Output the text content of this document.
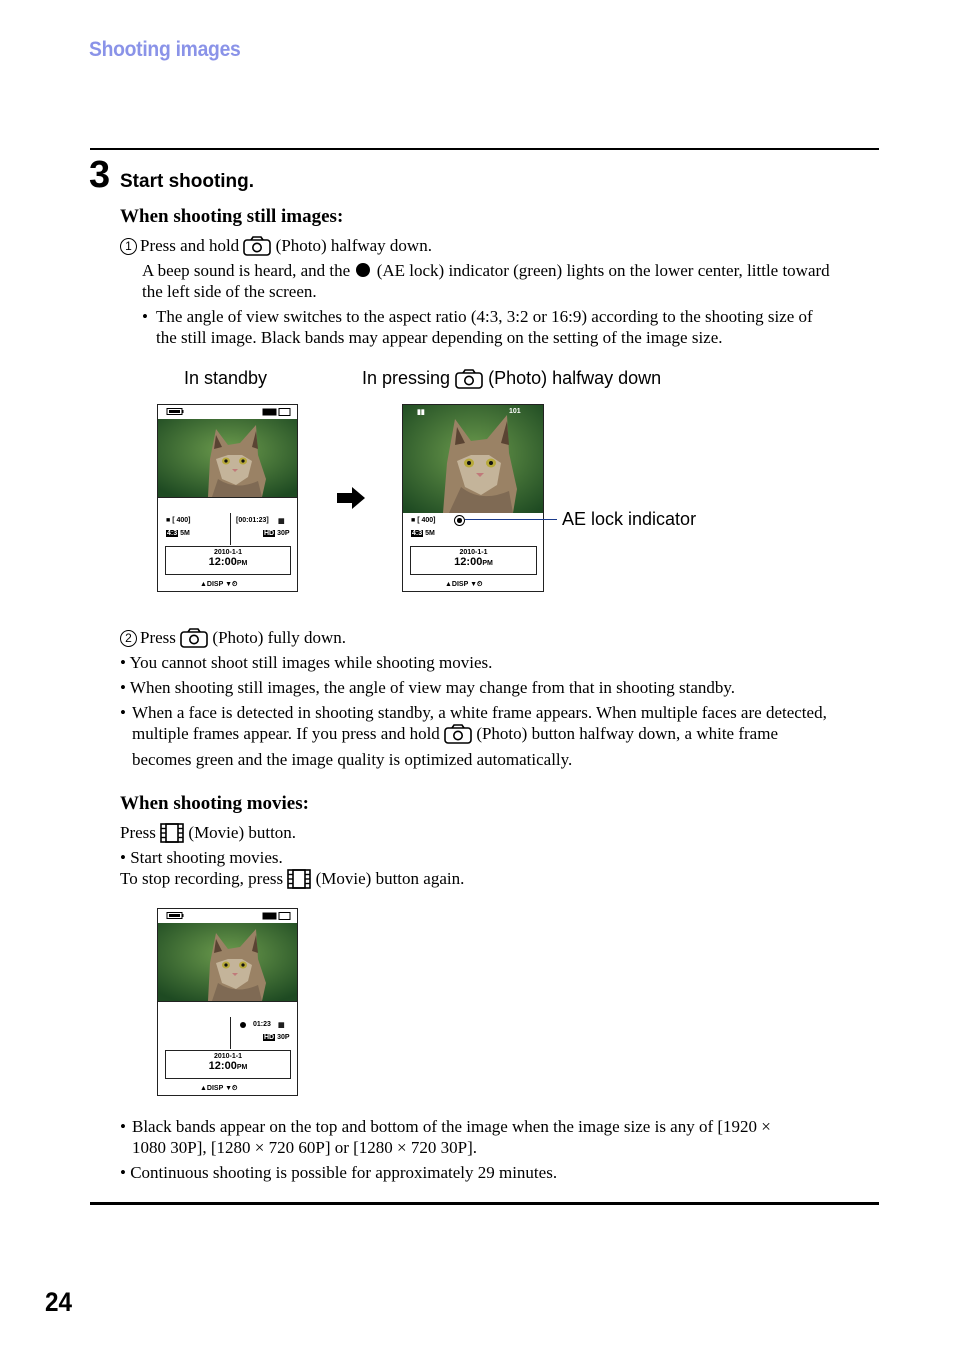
Shooting images
3 Start shooting.
When shooting still images:
1 Press and hold (Photo) halfway down.
A beep sound is heard, and the (AE lock) indicator (green) lights on the lower center, little toward
the left side of the screen.
• The angle of view switches to the aspect ratio (4:3, 3:2 or 16:9) according to the shooting size of
the still image. Black bands may appear depending on the setting of the image size.
In standby	In pressing (Photo) halfway down
■ [ 400]	[00:01:23] ▦
4:3 5M	HD 30P
2010-1-1
12:00PM
▲DISP ▼⏲
▮▮	101
■ [ 400]
4:3 5M
2010-1-1
12:00PM
▲DISP ▼⏲
AE lock indicator
2 Press (Photo) fully down.
• You cannot shoot still images while shooting movies.
• When shooting still images, the angle of view may change from that in shooting standby.
• When a face is detected in shooting standby, a white frame appears. When multiple faces are detected,
multiple frames appear. If you press and hold (Photo) button halfway down, a white frame
becomes green and the image quality is optimized automatically.
When shooting movies:
Press (Movie) button.
• Start shooting movies.
To stop recording, press (Movie) button again.
01:23 ▦
HD 30P
2010-1-1
12:00PM
▲DISP ▼⏲
• Black bands appear on the top and bottom of the image when the image size is any of [1920 ×
1080 30P], [1280 × 720 60P] or [1280 × 720 30P].
• Continuous shooting is possible for approximately 29 minutes.
24
